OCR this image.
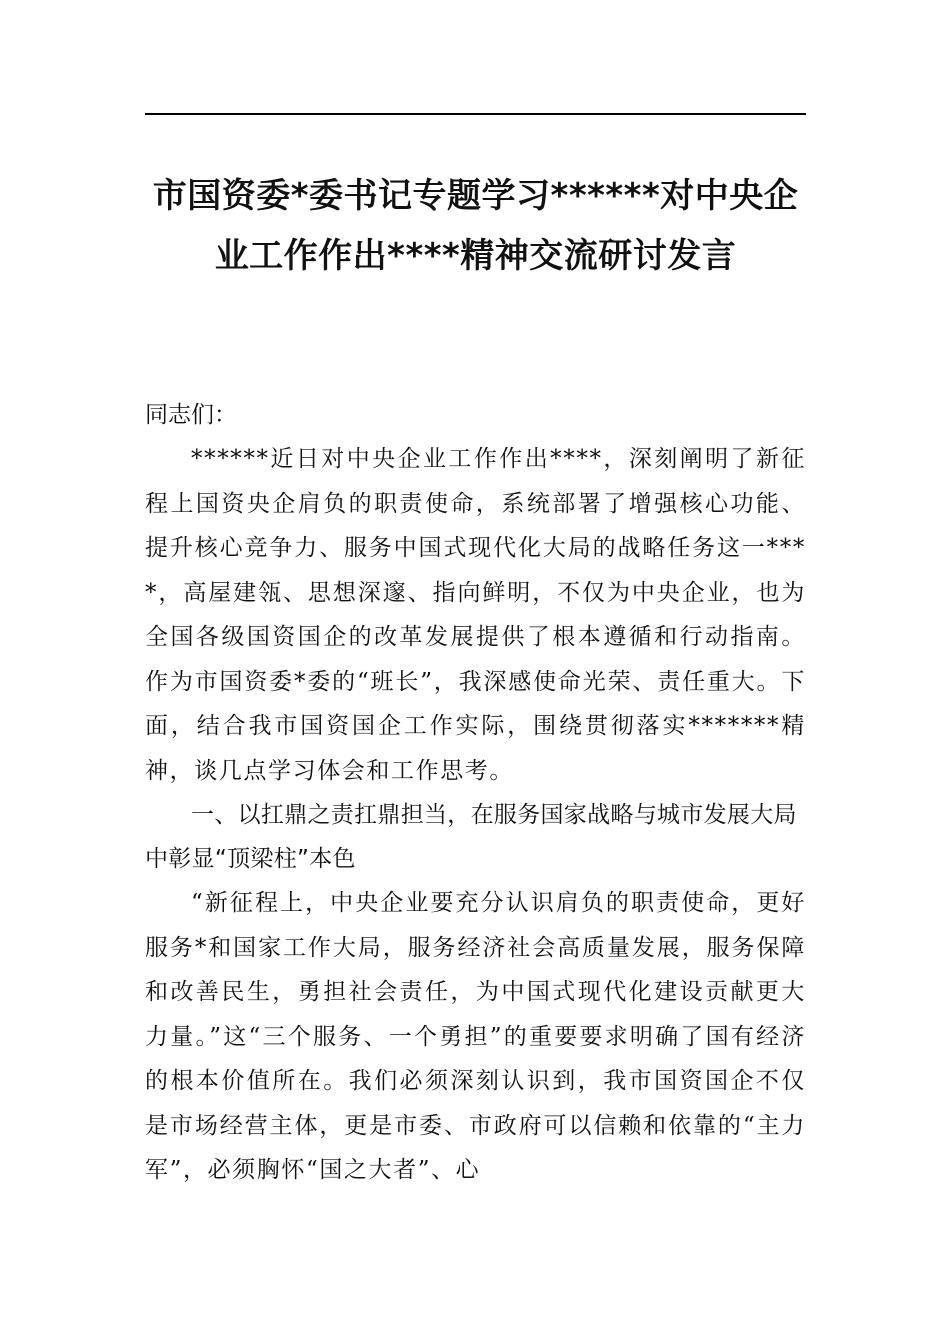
市国资委*委书记专题学习******对中央企
业工作作出****精神交流研讨发言

同志们：

******近日对中央企业工作作出****，深刻阐明了新征程上国资央企肩负的职责使命，系统部署了增强核心功能、提升核心竞争力、服务中国式现代化大局的战略任务这一****，高屋建瓴、思想深邃、指向鲜明，不仅为中央企业，也为全国各级国资国企的改革发展提供了根本遵循和行动指南。作为市国资委*委的“班长”，我深感使命光荣、责任重大。下面，结合我市国资国企工作实际，围绕贯彻落实*******精神，谈几点学习体会和工作思考。

一、以扛鼎之责扛鼎担当，在服务国家战略与城市发展大局中彰显“顶梁柱”本色

“新征程上，中央企业要充分认识肩负的职责使命，更好服务*和国家工作大局，服务经济社会高质量发展，服务保障和改善民生，勇担社会责任，为中国式现代化建设贡献更大力量。”这“三个服务、一个勇担”的重要要求明确了国有经济的根本价值所在。我们必须深刻认识到，我市国资国企不仅是市场经营主体，更是市委、市政府可以信赖和依靠的“主力军”，必须胸怀“国之大者”、心
